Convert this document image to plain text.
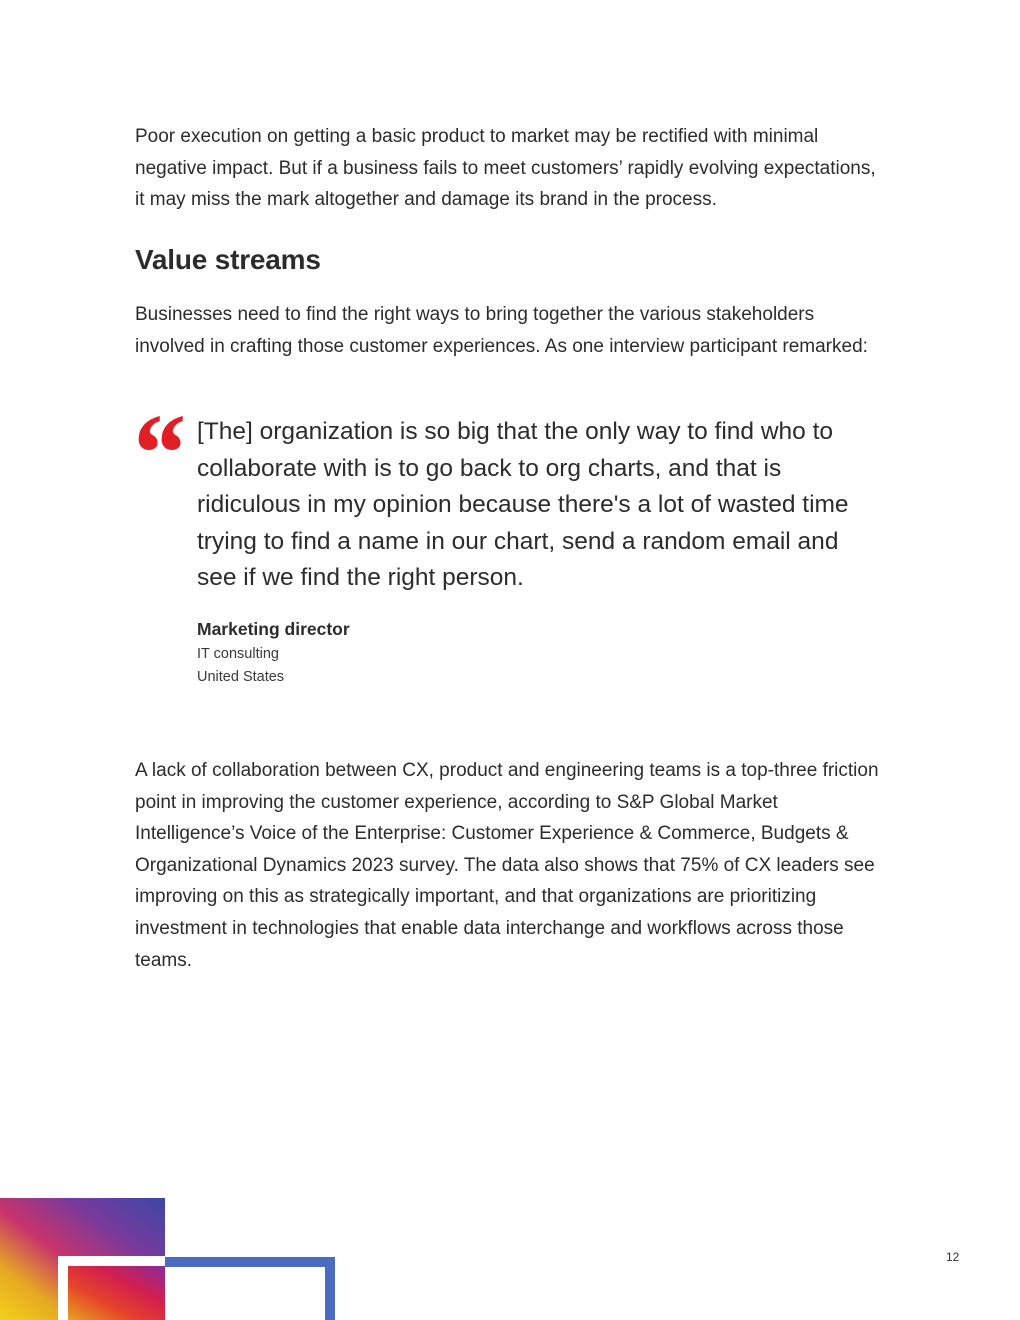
Poor execution on getting a basic product to market may be rectified with minimal negative impact. But if a business fails to meet customers’ rapidly evolving expectations, it may miss the mark altogether and damage its brand in the process.

Value streams

Businesses need to find the right ways to bring together the various stakeholders involved in crafting those customer experiences. As one interview participant remarked:

“ [The] organization is so big that the only way to find who to collaborate with is to go back to org charts, and that is ridiculous in my opinion because there's a lot of wasted time trying to find a name in our chart, send a random email and see if we find the right person.

Marketing director
IT consulting
United States

A lack of collaboration between CX, product and engineering teams is a top-three friction point in improving the customer experience, according to S&P Global Market Intelligence’s Voice of the Enterprise: Customer Experience & Commerce, Budgets & Organizational Dynamics 2023 survey. The data also shows that 75% of CX leaders see improving on this as strategically important, and that organizations are prioritizing investment in technologies that enable data interchange and workflows across those teams.

12
